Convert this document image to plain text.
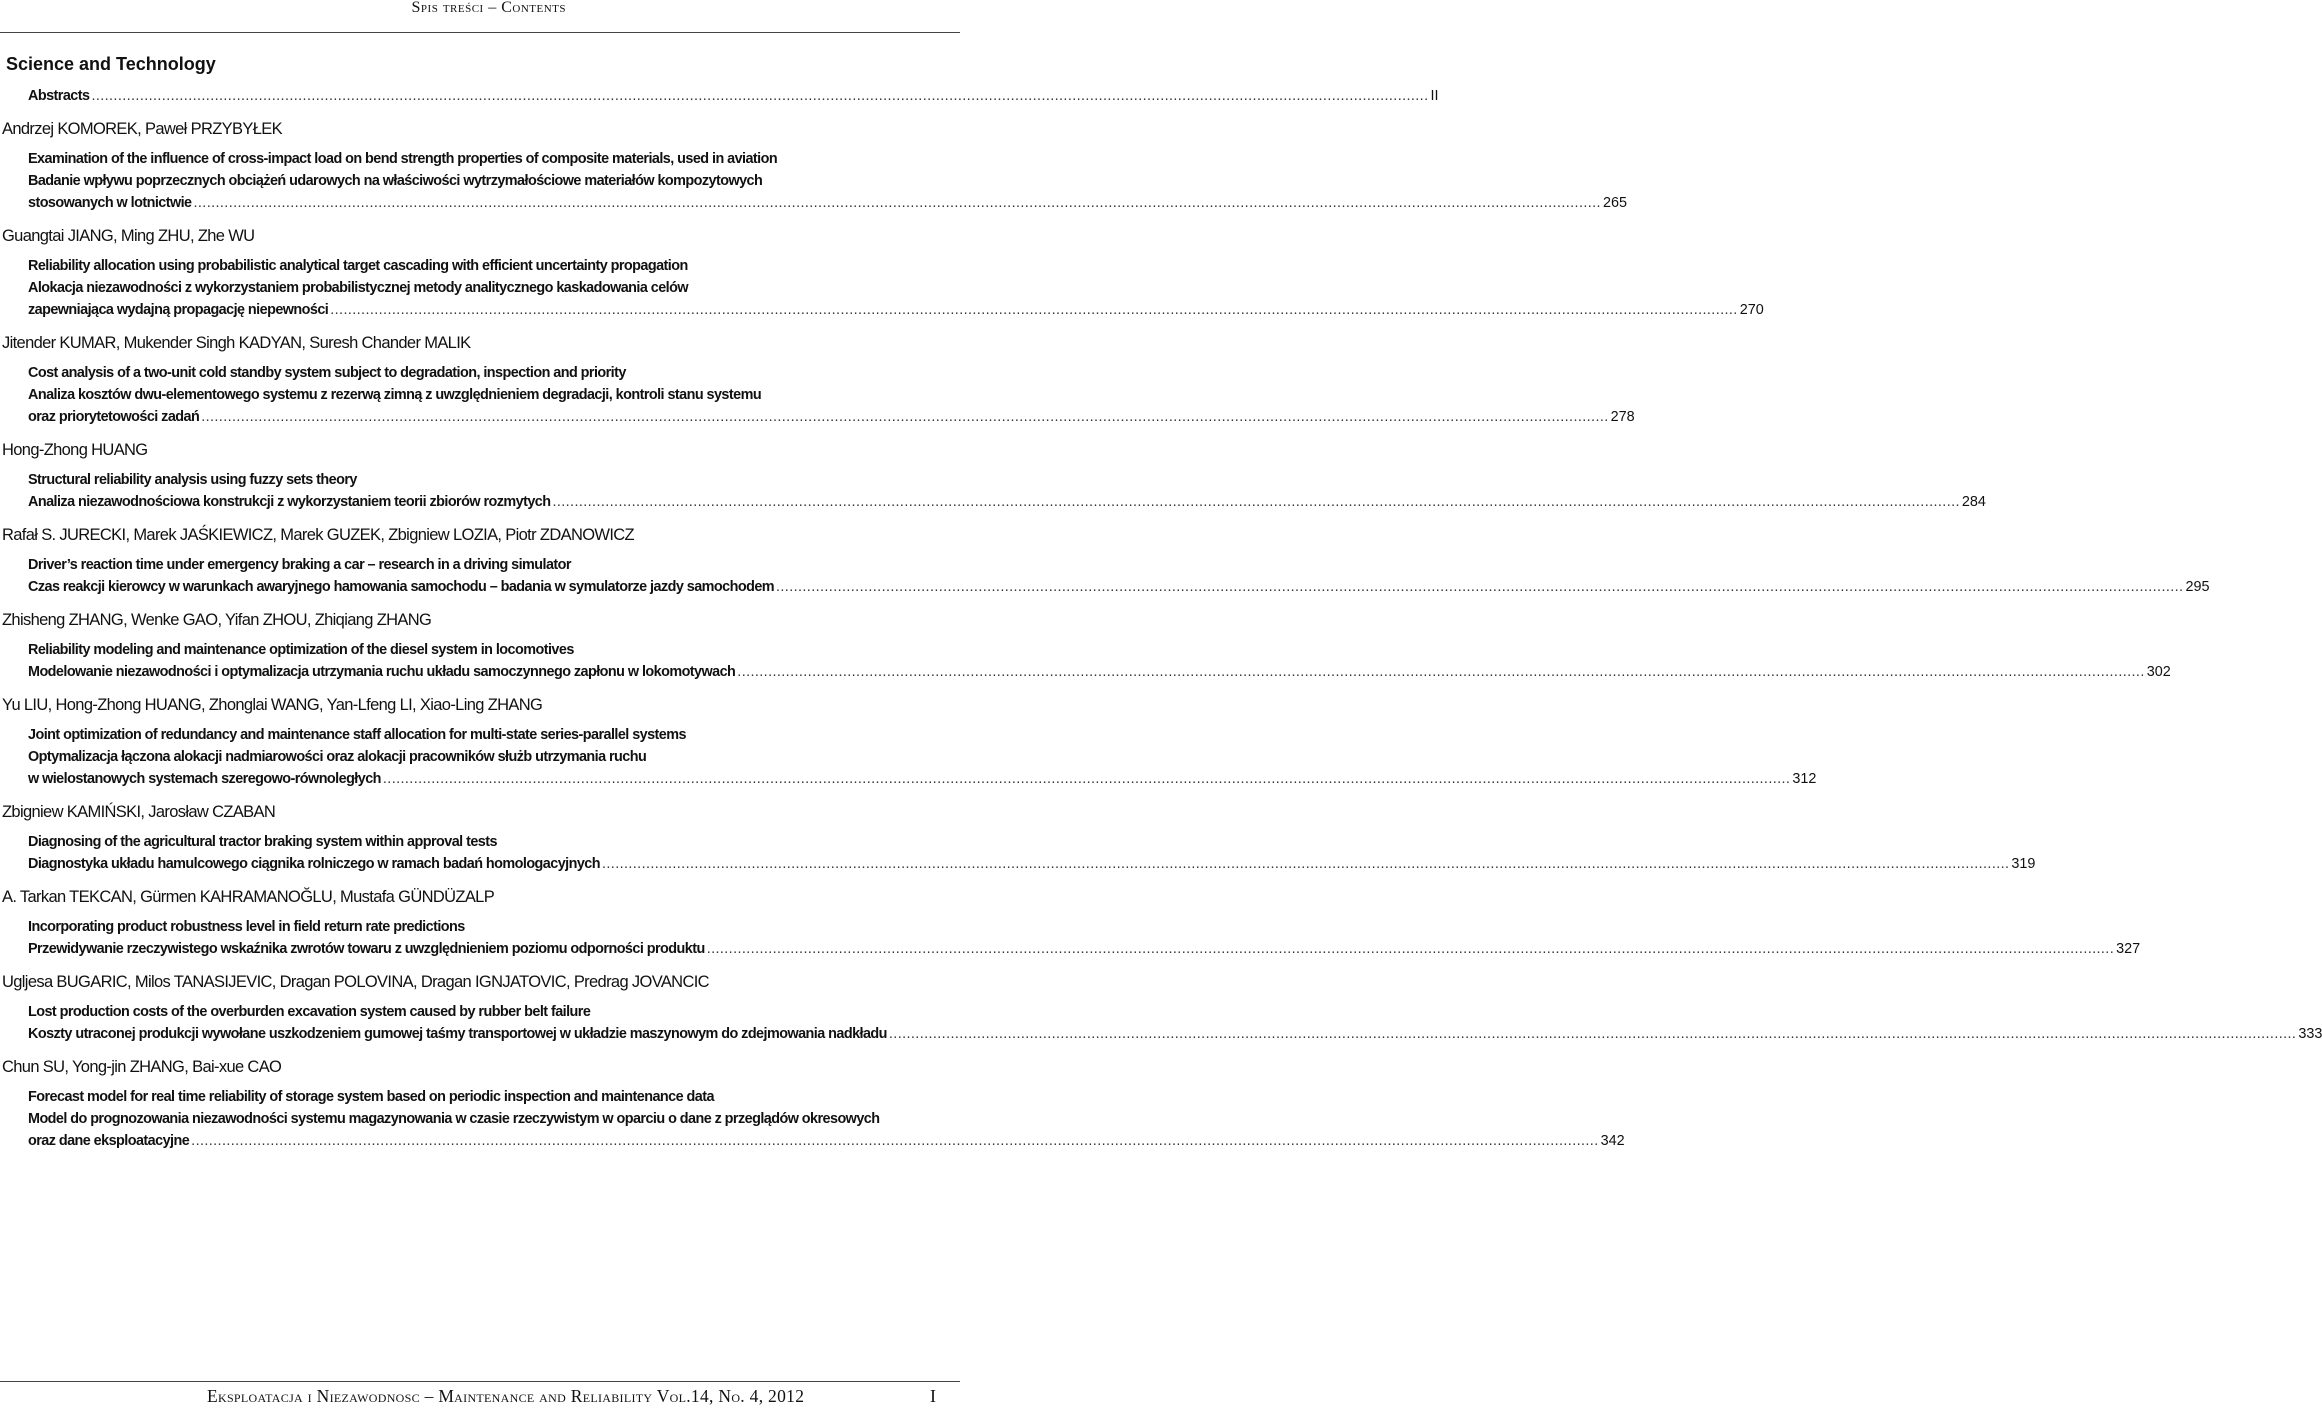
Spis treści – Contents
Science and Technology
Abstracts ................................................................................................................................................................................................................................................................................................................ II

Andrzej KOMOREK, Paweł PRZYBYŁEK

Examination of the influence of cross-impact load on bend strength properties of composite materials, used in aviation

Badanie wpływu poprzecznych obciążeń udarowych na właściwości wytrzymałościowe materiałów kompozytowych

stosowanych w lotnictwie ................................................................................................................................................................................................................................................................................................................................ 265

Guangtai JIANG, Ming ZHU, Zhe WU

Reliability allocation using probabilistic analytical target cascading with efficient uncertainty propagation

Alokacja niezawodności z wykorzystaniem probabilistycznej metody analitycznego kaskadowania celów

zapewniająca wydajną propagację niepewności ................................................................................................................................................................................................................................................................................................................................ 270

Jitender KUMAR, Mukender Singh KADYAN, Suresh Chander MALIK

Cost analysis of a two-unit cold standby system subject to degradation, inspection and priority

Analiza kosztów dwu-elementowego systemu z rezerwą zimną z uwzględnieniem degradacji, kontroli stanu systemu

oraz priorytetowości zadań ................................................................................................................................................................................................................................................................................................................................ 278

Hong-Zhong HUANG

Structural reliability analysis using fuzzy sets theory

Analiza niezawodnościowa konstrukcji z wykorzystaniem teorii zbiorów rozmytych ................................................................................................................................................................................................................................................................................................................................ 284

Rafał S. JURECKI, Marek JAŚKIEWICZ, Marek GUZEK, Zbigniew LOZIA, Piotr ZDANOWICZ

Driver’s reaction time under emergency braking a car – research in a driving simulator

Czas reakcji kierowcy w warunkach awaryjnego hamowania samochodu – badania w symulatorze jazdy samochodem ................................................................................................................................................................................................................................................................................................................................ 295

Zhisheng ZHANG, Wenke GAO, Yifan ZHOU, Zhiqiang ZHANG

Reliability modeling and maintenance optimization of the diesel system in locomotives

Modelowanie niezawodności i optymalizacja utrzymania ruchu układu samoczynnego zapłonu w lokomotywach ................................................................................................................................................................................................................................................................................................................................ 302

Yu LIU, Hong-Zhong HUANG, Zhonglai WANG, Yan-Lfeng LI, Xiao-Ling ZHANG

Joint optimization of redundancy and maintenance staff allocation for multi-state series-parallel systems

Optymalizacja łączona alokacji nadmiarowości oraz alokacji pracowników służb utrzymania ruchu

w wielostanowych systemach szeregowo-równoległych ................................................................................................................................................................................................................................................................................................................................ 312

Zbigniew KAMIŃSKI, Jarosław CZABAN

Diagnosing of the agricultural tractor braking system within approval tests

Diagnostyka układu hamulcowego ciągnika rolniczego w ramach badań homologacyjnych ................................................................................................................................................................................................................................................................................................................................ 319

A. Tarkan TEKCAN, Gürmen KAHRAMANOĞLU, Mustafa GÜNDÜZALP

Incorporating product robustness level in field return rate predictions

Przewidywanie rzeczywistego wskaźnika zwrotów towaru z uwzględnieniem poziomu odporności produktu ................................................................................................................................................................................................................................................................................................................................ 327

Ugljesa BUGARIC, Milos TANASIJEVIC, Dragan POLOVINA, Dragan IGNJATOVIC, Predrag JOVANCIC

Lost production costs of the overburden excavation system caused by rubber belt failure

Koszty utraconej produkcji wywołane uszkodzeniem gumowej taśmy transportowej w układzie maszynowym do zdejmowania nadkładu ................................................................................................................................................................................................................................................................................................................................ 333

Chun SU, Yong-jin ZHANG, Bai-xue CAO

Forecast model for real time reliability of storage system based on periodic inspection and maintenance data

Model do prognozowania niezawodności systemu magazynowania w czasie rzeczywistym w oparciu o dane z przeglądów okresowych

oraz dane eksploatacyjne ................................................................................................................................................................................................................................................................................................................................ 342
Eksploatacja i Niezawodnosc – Maintenance and Reliability Vol.14, No. 4, 2012	I
